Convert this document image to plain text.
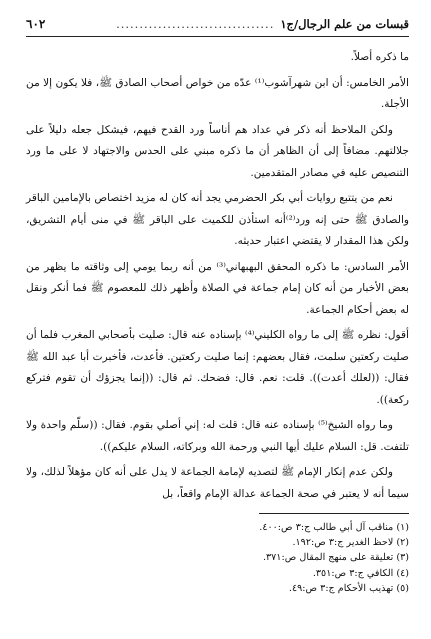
قبسات من علم الرجال/ج١
..................................
٦٠٢

ما ذكره أصلاً.

الأمر الخامس: أن ابن شهرآشوب⁽¹⁾ عدّه من خواص أصحاب الصادق ﷺ، فلا يكون إلا من الأجلة.

ولكن الملاحظ أنه ذكر في عداد هم أناساً ورد القدح فيهم، فيشكل جعله دليلاً على جلالتهم. مضافاً إلى أن الظاهر أن ما ذكره مبني على الحدس والاجتهاد لا على ما ورد التنصيص عليه في مصادر المتقدمين.

نعم من يتتبع روايات أبي بكر الحضرمي يجد أنه كان له مزيد اختصاص بالإمامين الباقر والصادق ﷺ حتى إنه ورد⁽²⁾أنه استأذن للكميت على الباقر ﷺ في منى أيام التشريق، ولكن هذا المقدار لا يقتضي اعتبار حديثه.

الأمر السادس: ما ذكره المحقق البهبهاني⁽³⁾ من أنه ربما يومي إلى وثاقته ما يظهر من بعض الأخبار من أنه كان إمام جماعة في الصلاة وأظهر ذلك للمعصوم ﷺ فما أنكر ونقل له بعض أحكام الجماعة.

أقول: نظره ﷺ إلى ما رواه الكليني⁽⁴⁾ بإسناده عنه قال: صليت بأصحابي المغرب فلما أن صليت ركعتين سلمت، فقال بعضهم: إنما صليت ركعتين. فأعدت، فأخبرت أبا عبد الله ﷺ فقال: ((لعلك أعدت)). قلت: نعم. قال: فضحك. ثم قال: ((إنما يجزؤك أن تقوم فتركع ركعة)).

وما رواه الشيخ⁽⁵⁾ بإسناده عنه قال: قلت له: إني أصلي بقوم. فقال: ((سلّم واحدة ولا تلتفت. قل: السلام عليك أيها النبي ورحمة الله وبركاته، السلام عليكم)).

ولكن عدم إنكار الإمام ﷺ لتصديه لإمامة الجماعة لا يدل على أنه كان مؤهلاً لذلك، ولا سيما أنه لا يعتبر في صحة الجماعة عدالة الإمام واقعاً، بل

(١) مناقب آل أبي طالب ج:٣ ص:٤٠٠.
(٢) لاحظ الغدير ج:٣ ص:١٩٢.
(٣) تعليقة على منهج المقال ص:٣٧١.
(٤) الكافي ج:٣ ص:٣٥١.
(٥) تهذيب الأحكام ج:٣ ص:٤٩.
